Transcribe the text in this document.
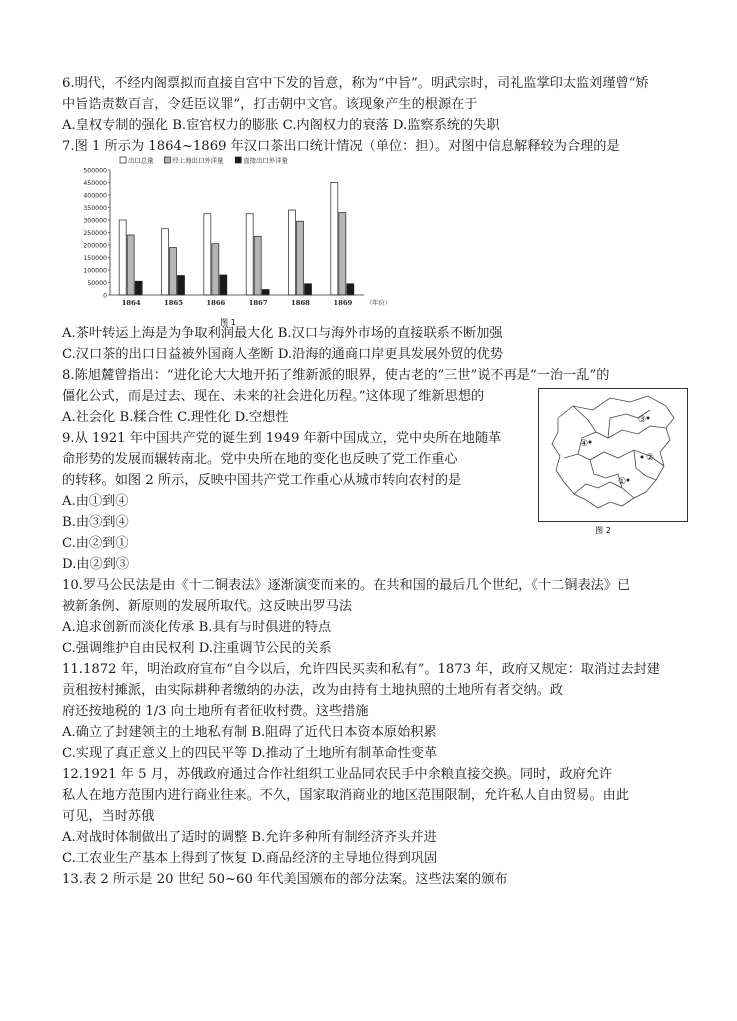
6.明代，不经内阁票拟而直接自宫中下发的旨意，称为“中旨”。明武宗时，司礼监掌印太监刘瑾曾“矫
中旨诰责数百言，令廷臣议罪”，打击朝中文官。该现象产生的根源在于
A.皇权专制的强化 B.宦官权力的膨胀 C.内阁权力的衰落 D.监察系统的失职
7.图 1 所示为 1864~1869 年汉口茶出口统计情况（单位：担）。对图中信息解释较为合理的是
出口总量	经上海出口外洋量	直接出口外洋量
0
50000
100000
150000
200000
250000
300000
350000
400000
450000
500000
1864	1865	1866	1867	1868	1869 （年份）
图 1
A.茶叶转运上海是为争取利润最大化 B.汉口与海外市场的直接联系不断加强
C.汉口茶的出口日益被外国商人垄断 D.沿海的通商口岸更具发展外贸的优势
8.陈旭麓曾指出：“进化论大大地开拓了维新派的眼界，使古老的“三世”说不再是“一治一乱”的
僵化公式，而是过去、现在、未来的社会进化历程。”这体现了维新思想的
A.社会化 B.糅合性 C.理性化 D.空想性
9.从 1921 年中国共产党的诞生到 1949 年新中国成立，党中央所在地随革
命形势的发展而辗转南北。党中央所在地的变化也反映了党工作重心
的转移。如图 2 所示，反映中国共产党工作重心从城市转向农村的是
A.由①到④
B.由③到④
C.由②到①
D.由②到③
③
④
②
①
图 2
10.罗马公民法是由《十二铜表法》逐渐演变而来的。在共和国的最后几个世纪，《十二铜表法》已
被新条例、新原则的发展所取代。这反映出罗马法
A.追求创新而淡化传承 B.具有与时俱进的特点
C.强调维护自由民权利 D.注重调节公民的关系
11.1872 年，明治政府宣布“自今以后，允许四民买卖和私有”。1873 年，政府又规定：取消过去封建
贡租按村摊派，由实际耕种者缴纳的办法，改为由持有土地执照的土地所有者交纳。政
府还按地税的 1/3 向土地所有者征收村费。这些措施
A.确立了封建领主的土地私有制 B.阻碍了近代日本资本原始积累
C.实现了真正意义上的四民平等 D.推动了土地所有制革命性变革
12.1921 年 5 月，苏俄政府通过合作社组织工业品同农民手中余粮直接交换。同时，政府允许
私人在地方范围内进行商业往来。不久，国家取消商业的地区范围限制，允许私人自由贸易。由此
可见，当时苏俄
A.对战时体制做出了适时的调整 B.允许多种所有制经济齐头并进
C.工农业生产基本上得到了恢复 D.商品经济的主导地位得到巩固
13.表 2 所示是 20 世纪 50~60 年代美国颁布的部分法案。这些法案的颁布
